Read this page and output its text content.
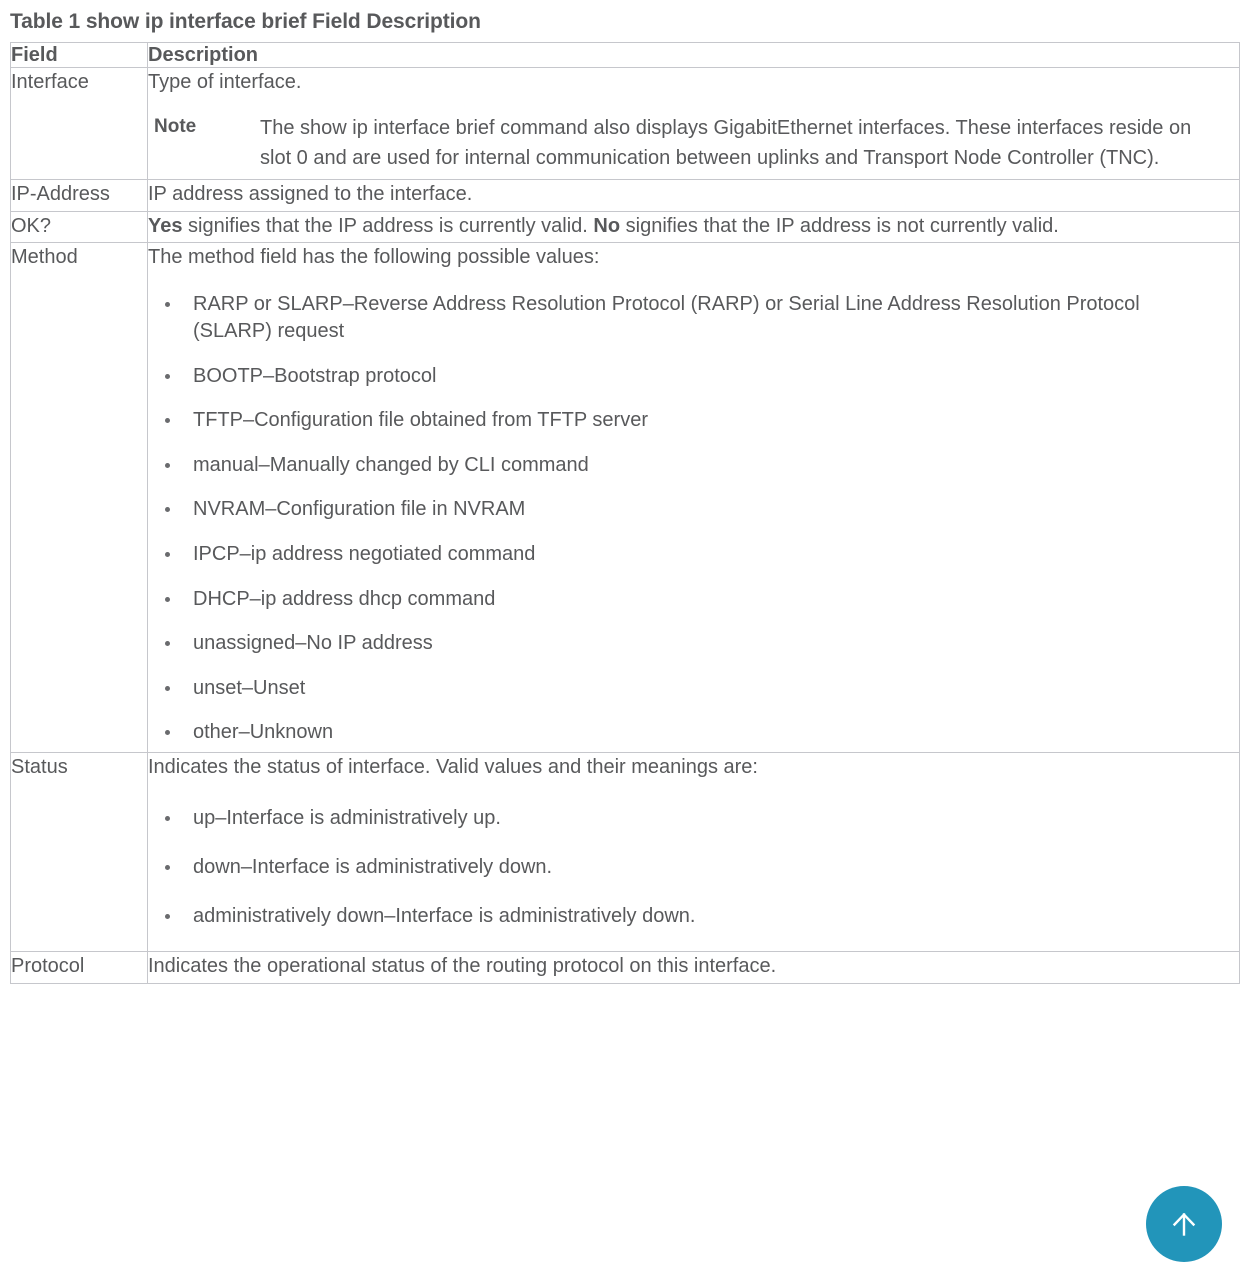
Table 1 show ip interface brief Field Description
Field	Description
Interface	Type of interface.

Note The show ip interface brief command also displays GigabitEthernet interfaces. These interfaces reside on slot 0 and are used for internal communication between uplinks and Transport Node Controller (TNC).

IP-Address	IP address assigned to the interface.

OK?	Yes signifies that the IP address is currently valid. No signifies that the IP address is not currently valid.

Method	The method field has the following possible values:

RARP or SLARP–Reverse Address Resolution Protocol (RARP) or Serial Line Address Resolution Protocol (SLARP) request
BOOTP–Bootstrap protocol
TFTP–Configuration file obtained from TFTP server
manual–Manually changed by CLI command
NVRAM–Configuration file in NVRAM
IPCP–ip address negotiated command
DHCP–ip address dhcp command
unassigned–No IP address
unset–Unset
other–Unknown

Status	Indicates the status of interface. Valid values and their meanings are:

up–Interface is administratively up.
down–Interface is administratively down.
administratively down–Interface is administratively down.

Protocol	Indicates the operational status of the routing protocol on this interface.
